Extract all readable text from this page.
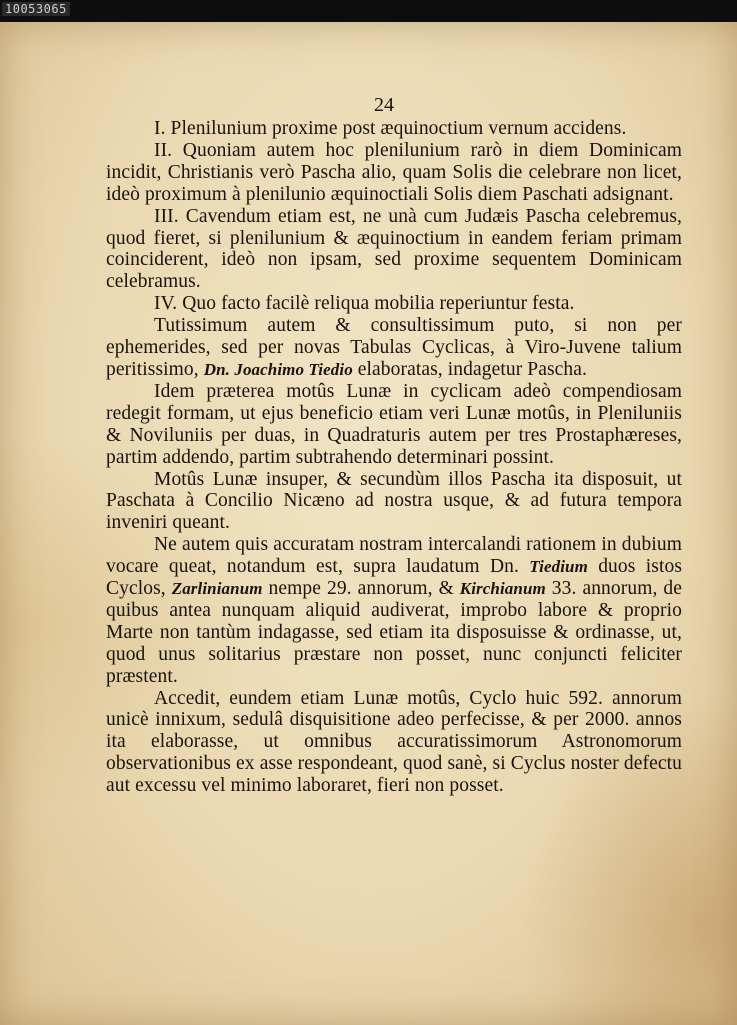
10053065

24

I. Plenilunium proxime post æquinoctium vernum accidens.

II. Quoniam autem hoc plenilunium rarò in diem Dominicam incidit, Christianis verò Pascha alio, quam Solis die celebrare non licet, ideò proximum à plenilunio æquinoctiali Solis diem Paschati adsignant.

III. Cavendum etiam est, ne unà cum Judæis Pascha celebremus, quod fieret, si plenilunium & æquinoctium in eandem feriam primam coinciderent, ideò non ipsam, sed proxime sequentem Dominicam celebramus.

IV. Quo facto facilè reliqua mobilia reperiuntur festa.

Tutissimum autem & consultissimum puto, si non per ephemerides, sed per novas Tabulas Cyclicas, à Viro-Juvene talium peritissimo, Dn. Joachimo Tiedio elaboratas, indagetur Pascha.

Idem præterea motûs Lunæ in cyclicam adeò compendiosam redegit formam, ut ejus beneficio etiam veri Lunæ motûs, in Pleniluniis & Noviluniis per duas, in Quadraturis autem per tres Prostaphæreses, partim addendo, partim subtrahendo determinari possint.

Motûs Lunæ insuper, & secundùm illos Pascha ita disposuit, ut Paschata à Concilio Nicæno ad nostra usque, & ad futura tempora inveniri queant.

Ne autem quis accuratam nostram intercalandi rationem in dubium vocare queat, notandum est, supra laudatum Dn. Tiedium duos istos Cyclos, Zarlinianum nempe 29. annorum, & Kirchianum 33. annorum, de quibus antea nunquam aliquid audiverat, improbo labore & proprio Marte non tantùm indagasse, sed etiam ita disposuisse & ordinasse, ut, quod unus solitarius præstare non posset, nunc conjuncti feliciter præstent.

Accedit, eundem etiam Lunæ motûs, Cyclo huic 592. annorum unicè innixum, sedulâ disquisitione adeo perfecisse, & per 2000. annos ita elaborasse, ut omnibus accuratissimorum Astronomorum observationibus ex asse respondeant, quod sanè, si Cyclus noster defectu aut excessu vel minimo laboraret, fieri non posset.
